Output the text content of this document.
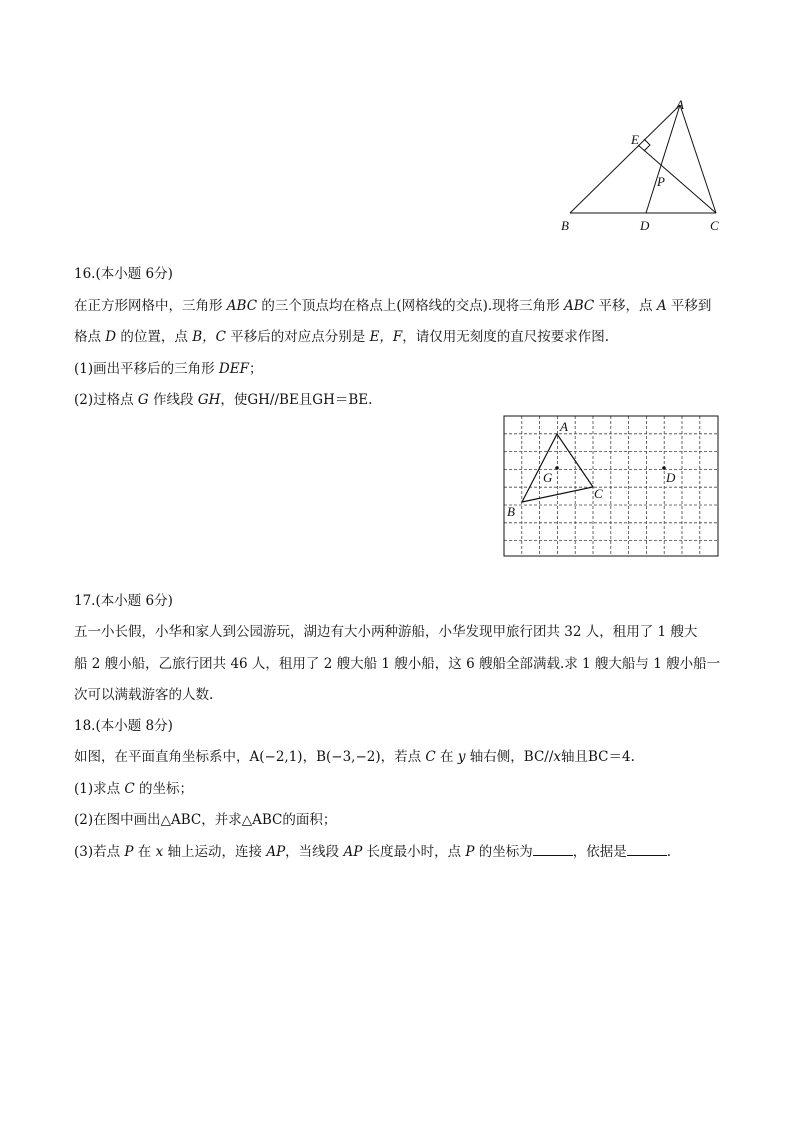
A
E
P
B	D	C
16.(本小题 6分)
在正方形网格中，三角形 ABC 的三个顶点均在格点上(网格线的交点).现将三角形 ABC 平移，点 A 平移到
格点 D 的位置，点 B，C 平移后的对应点分别是 E，F，请仅用无刻度的直尺按要求作图.
(1)画出平移后的三角形 DEF；
(2)过格点 G 作线段 GH，使GH//BE且GH＝BE.
A
G	D
C
B
17.(本小题 6分)
五一小长假，小华和家人到公园游玩，湖边有大小两种游船，小华发现甲旅行团共 32 人，租用了 1 艘大
船 2 艘小船，乙旅行团共 46 人，租用了 2 艘大船 1 艘小船，这 6 艘船全部满载.求 1 艘大船与 1 艘小船一
次可以满载游客的人数.
18.(本小题 8分)
如图，在平面直角坐标系中，A(−2,1)，B(−3,−2)，若点 C 在 y 轴右侧，BC//x轴且BC＝4.
(1)求点 C 的坐标；
(2)在图中画出△ABC，并求△ABC的面积；
(3)若点 P 在 x 轴上运动，连接 AP，当线段 AP 长度最小时，点 P 的坐标为	，依据是	.
